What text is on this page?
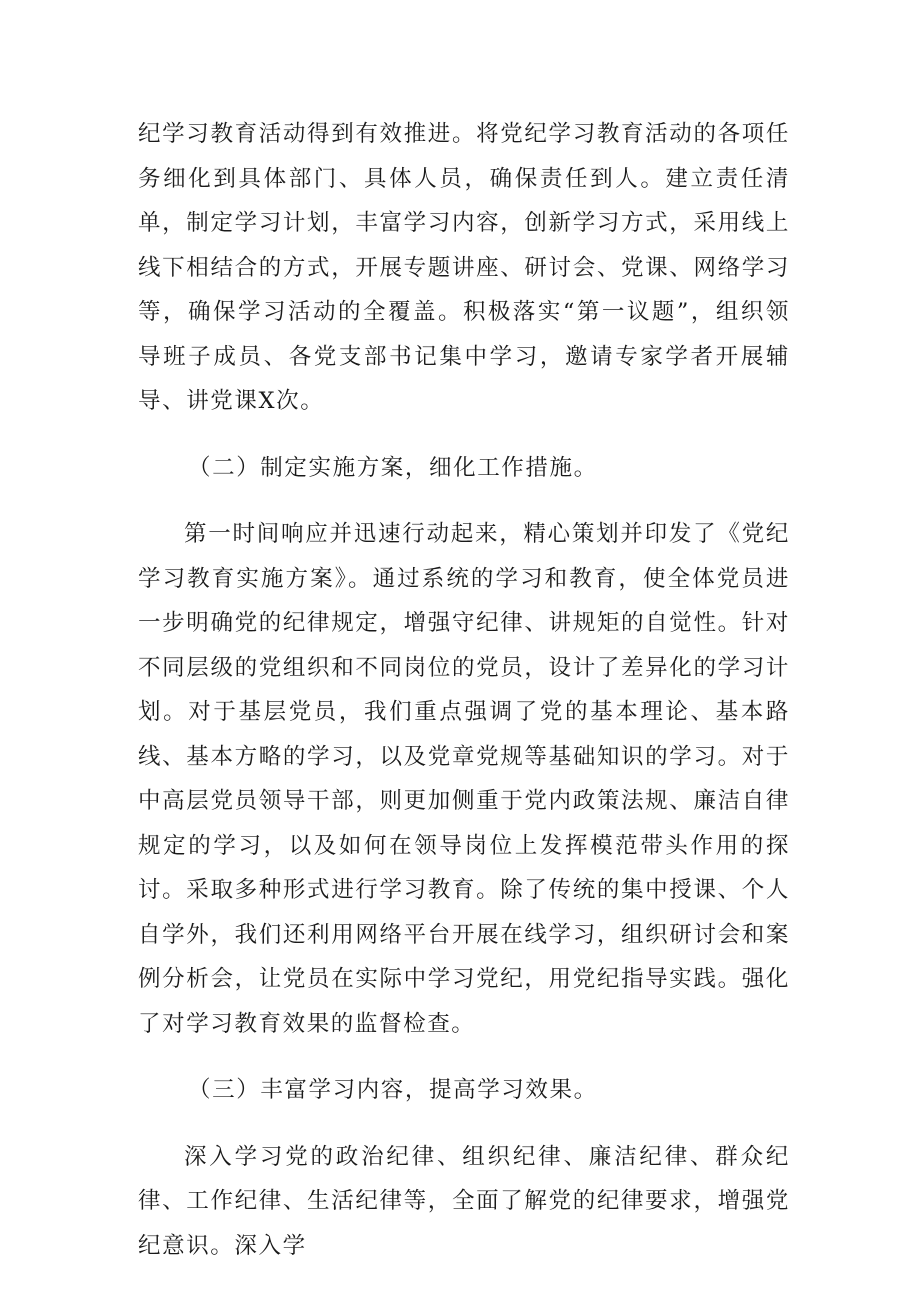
纪学习教育活动得到有效推进。将党纪学习教育活动的各项任务细化到具体部门、具体人员，确保责任到人。建立责任清单，制定学习计划，丰富学习内容，创新学习方式，采用线上线下相结合的方式，开展专题讲座、研讨会、党课、网络学习等，确保学习活动的全覆盖。积极落实“第一议题”，组织领导班子成员、各党支部书记集中学习，邀请专家学者开展辅导、讲党课X次。

（二）制定实施方案，细化工作措施。

第一时间响应并迅速行动起来，精心策划并印发了《党纪学习教育实施方案》。通过系统的学习和教育，使全体党员进一步明确党的纪律规定，增强守纪律、讲规矩的自觉性。针对不同层级的党组织和不同岗位的党员，设计了差异化的学习计划。对于基层党员，我们重点强调了党的基本理论、基本路线、基本方略的学习，以及党章党规等基础知识的学习。对于中高层党员领导干部，则更加侧重于党内政策法规、廉洁自律规定的学习，以及如何在领导岗位上发挥模范带头作用的探讨。采取多种形式进行学习教育。除了传统的集中授课、个人自学外，我们还利用网络平台开展在线学习，组织研讨会和案例分析会，让党员在实际中学习党纪，用党纪指导实践。强化了对学习教育效果的监督检查。

（三）丰富学习内容，提高学习效果。

深入学习党的政治纪律、组织纪律、廉洁纪律、群众纪律、工作纪律、生活纪律等，全面了解党的纪律要求，增强党纪意识。深入学
